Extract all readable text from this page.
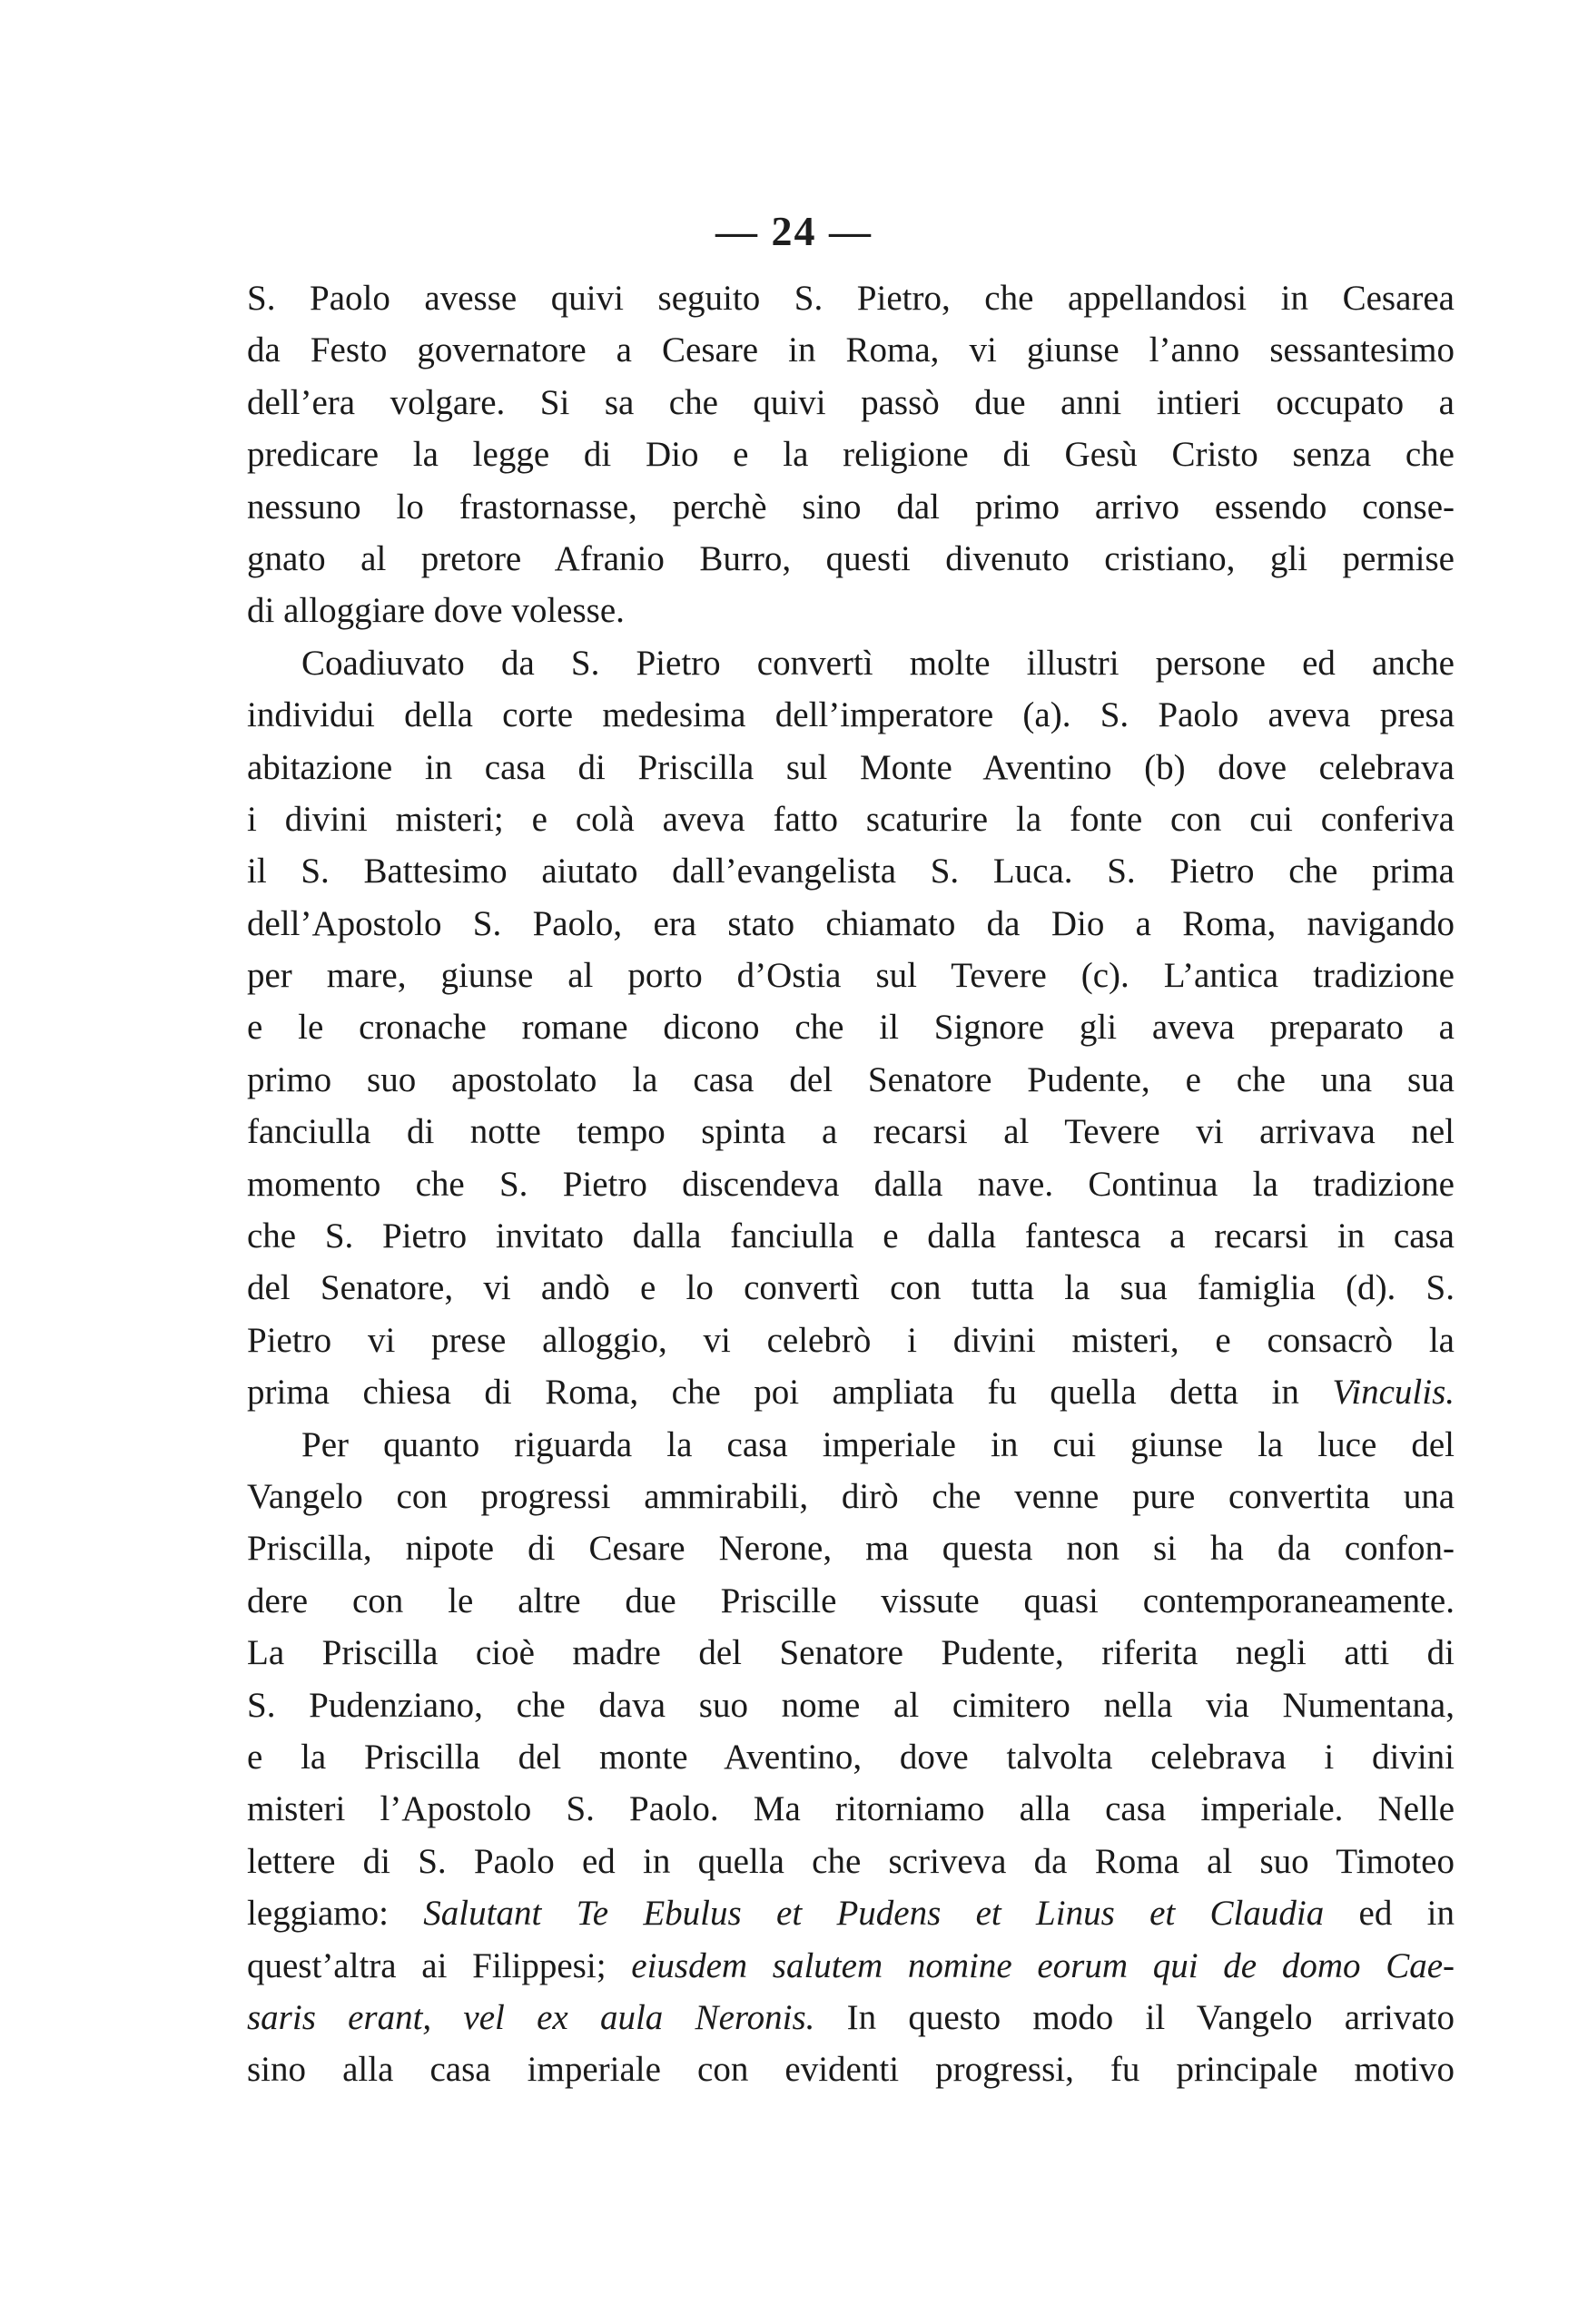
— 24 —
S. Paolo avesse quivi seguito S. Pietro, che appellandosi in Cesarea
da Festo governatore a Cesare in Roma, vi giunse l’anno sessantesimo
dell’era volgare. Si sa che quivi passò due anni intieri occupato a
predicare la legge di Dio e la religione di Gesù Cristo senza che
nessuno lo frastornasse, perchè sino dal primo arrivo essendo conse-
gnato al pretore Afranio Burro, questi divenuto cristiano, gli permise
di alloggiare dove volesse.
Coadiuvato da S. Pietro convertì molte illustri persone ed anche
individui della corte medesima dell’imperatore (a). S. Paolo aveva presa
abitazione in casa di Priscilla sul Monte Aventino (b) dove celebrava
i divini misteri; e colà aveva fatto scaturire la fonte con cui conferiva
il S. Battesimo aiutato dall’evangelista S. Luca. S. Pietro che prima
dell’Apostolo S. Paolo, era stato chiamato da Dio a Roma, navigando
per mare, giunse al porto d’Ostia sul Tevere (c). L’antica tradizione
e le cronache romane dicono che il Signore gli aveva preparato a
primo suo apostolato la casa del Senatore Pudente, e che una sua
fanciulla di notte tempo spinta a recarsi al Tevere vi arrivava nel
momento che S. Pietro discendeva dalla nave. Continua la tradizione
che S. Pietro invitato dalla fanciulla e dalla fantesca a recarsi in casa
del Senatore, vi andò e lo convertì con tutta la sua famiglia (d). S.
Pietro vi prese alloggio, vi celebrò i divini misteri, e consacrò la
prima chiesa di Roma, che poi ampliata fu quella detta in Vinculis.
Per quanto riguarda la casa imperiale in cui giunse la luce del
Vangelo con progressi ammirabili, dirò che venne pure convertita una
Priscilla, nipote di Cesare Nerone, ma questa non si ha da confon-
dere con le altre due Priscille vissute quasi contemporaneamente.
La Priscilla cioè madre del Senatore Pudente, riferita negli atti di
S. Pudenziano, che dava suo nome al cimitero nella via Numentana,
e la Priscilla del monte Aventino, dove talvolta celebrava i divini
misteri l’Apostolo S. Paolo. Ma ritorniamo alla casa imperiale. Nelle
lettere di S. Paolo ed in quella che scriveva da Roma al suo Timoteo
leggiamo: Salutant Te Ebulus et Pudens et Linus et Claudia ed in
quest’altra ai Filippesi; eiusdem salutem nomine eorum qui de domo Cae-
saris erant, vel ex aula Neronis. In questo modo il Vangelo arrivato
sino alla casa imperiale con evidenti progressi, fu principale motivo
